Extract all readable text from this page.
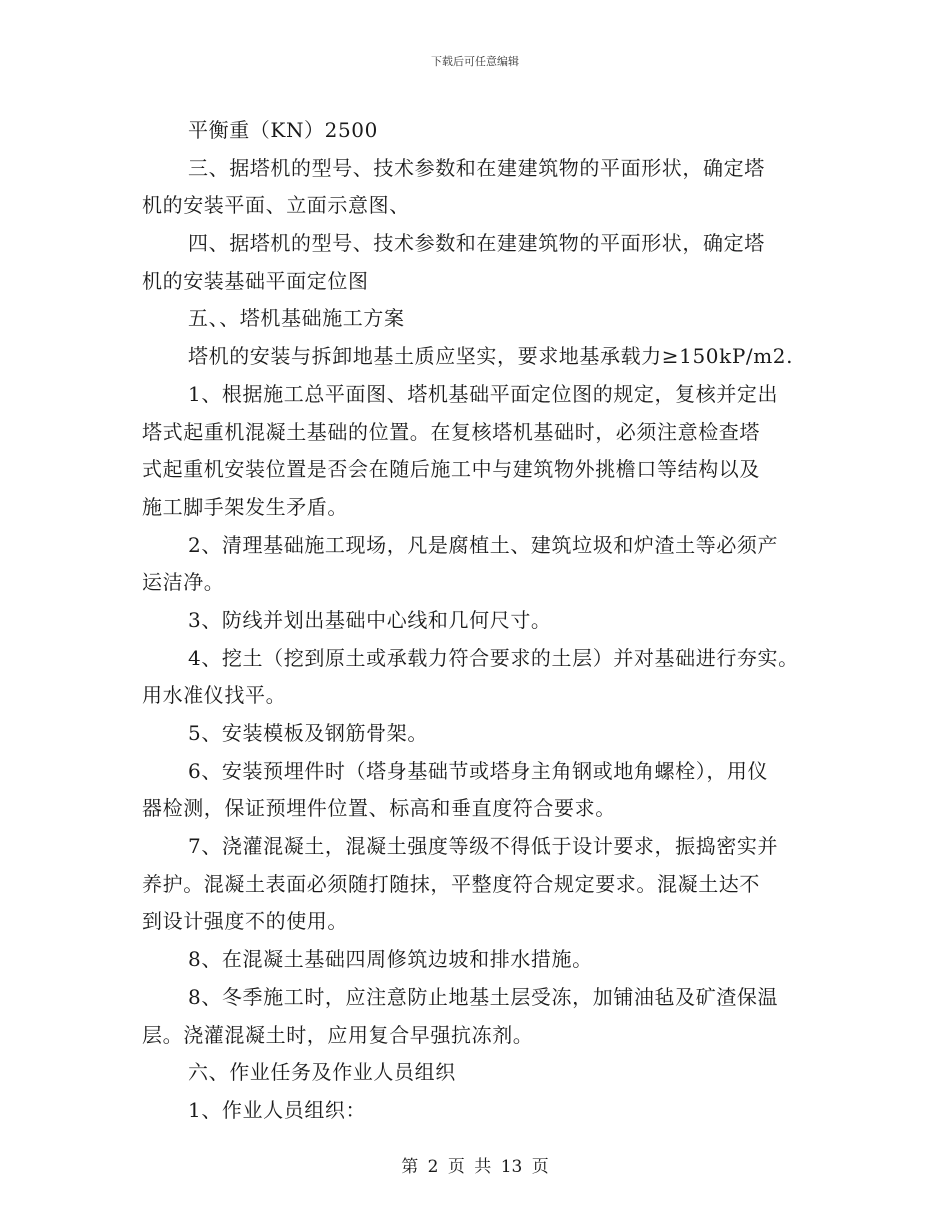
下载后可任意编辑
平衡重（KN）2500
三、据塔机的型号、技术参数和在建建筑物的平面形状，确定塔
机的安装平面、立面示意图、
四、据塔机的型号、技术参数和在建建筑物的平面形状，确定塔
机的安装基础平面定位图
五、、塔机基础施工方案
塔机的安装与拆卸地基土质应坚实，要求地基承载力≥150kP/m2.
1、根据施工总平面图、塔机基础平面定位图的规定，复核并定出
塔式起重机混凝土基础的位置。在复核塔机基础时，必须注意检查塔
式起重机安装位置是否会在随后施工中与建筑物外挑檐口等结构以及
施工脚手架发生矛盾。
2、清理基础施工现场，凡是腐植土、建筑垃圾和炉渣土等必须产
运洁净。
3、防线并划出基础中心线和几何尺寸。
4、挖土（挖到原土或承载力符合要求的土层）并对基础进行夯实。
用水准仪找平。
5、安装模板及钢筋骨架。
6、安装预埋件时（塔身基础节或塔身主角钢或地角螺栓），用仪
器检测，保证预埋件位置、标高和垂直度符合要求。
7、浇灌混凝土，混凝土强度等级不得低于设计要求，振捣密实并
养护。混凝土表面必须随打随抹，平整度符合规定要求。混凝土达不
到设计强度不的使用。
8、在混凝土基础四周修筑边坡和排水措施。
8、冬季施工时，应注意防止地基土层受冻，加铺油毡及矿渣保温
层。浇灌混凝土时，应用复合早强抗冻剂。
六、作业任务及作业人员组织
1、作业人员组织：
第 2 页 共 13 页
